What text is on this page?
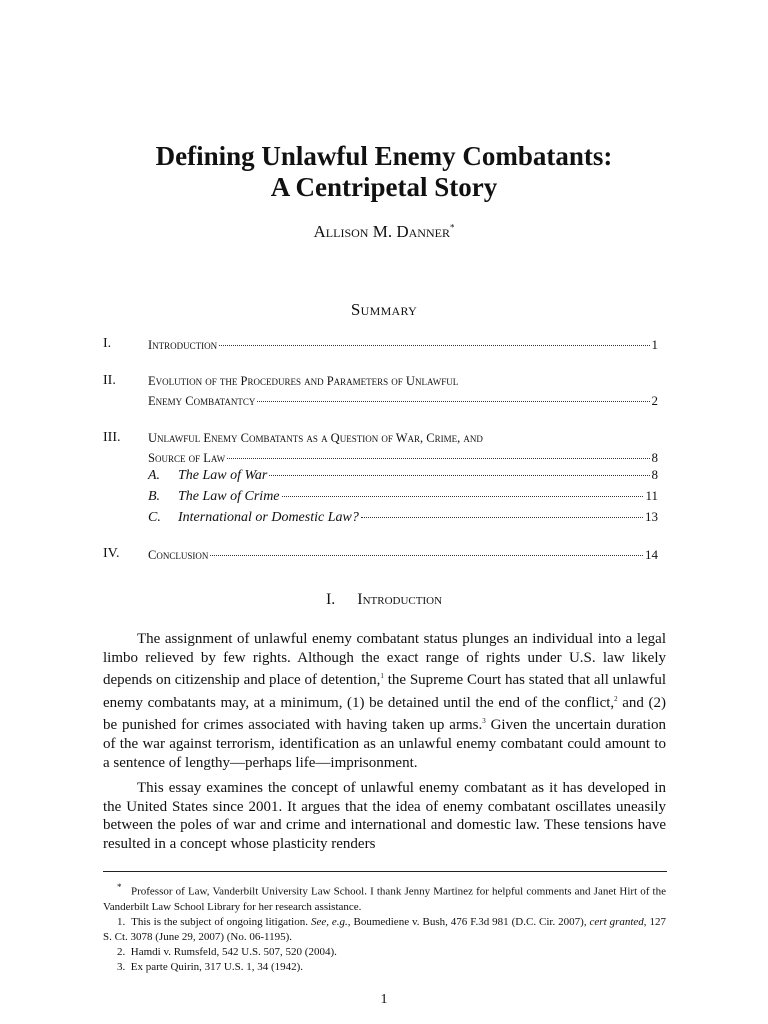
Defining Unlawful Enemy Combatants:
A Centripetal Story
Allison M. Danner*
Summary
I.	Introduction	1
II.	Evolution of the Procedures and Parameters of Unlawful
Enemy Combatantcy	2
III. Unlawful Enemy Combatants as a Question of War, Crime, and
Source of Law	8
A. The Law of War	8
B. The Law of Crime	11
C. International or Domestic Law?	13
IV. Conclusion	14
I. Introduction

The assignment of unlawful enemy combatant status plunges an individual into a legal limbo relieved by few rights. Although the exact range of rights under U.S. law likely depends on citizenship and place of detention,$^1$ the Supreme Court has stated that all unlawful enemy combatants may, at a minimum, (1) be detained until the end of the conflict,$^2$ and (2) be punished for crimes associated with having taken up arms.$^3$ Given the uncertain duration of the war against terrorism, identification as an unlawful enemy combatant could amount to a sentence of lengthy—perhaps life—imprisonment.

This essay examines the concept of unlawful enemy combatant as it has developed in the United States since 2001. It argues that the idea of enemy combatant oscillates uneasily between the poles of war and crime and international and domestic law. These tensions have resulted in a concept whose plasticity renders

* Professor of Law, Vanderbilt University Law School. I thank Jenny Martinez for helpful comments and Janet Hirt of the Vanderbilt Law School Library for her research assistance.

1. This is the subject of ongoing litigation. See, e.g., Boumediene v. Bush, 476 F.3d 981 (D.C. Cir. 2007), cert granted, 127 S. Ct. 3078 (June 29, 2007) (No. 06-1195).

2. Hamdi v. Rumsfeld, 542 U.S. 507, 520 (2004).

3. Ex parte Quirin, 317 U.S. 1, 34 (1942).

1
